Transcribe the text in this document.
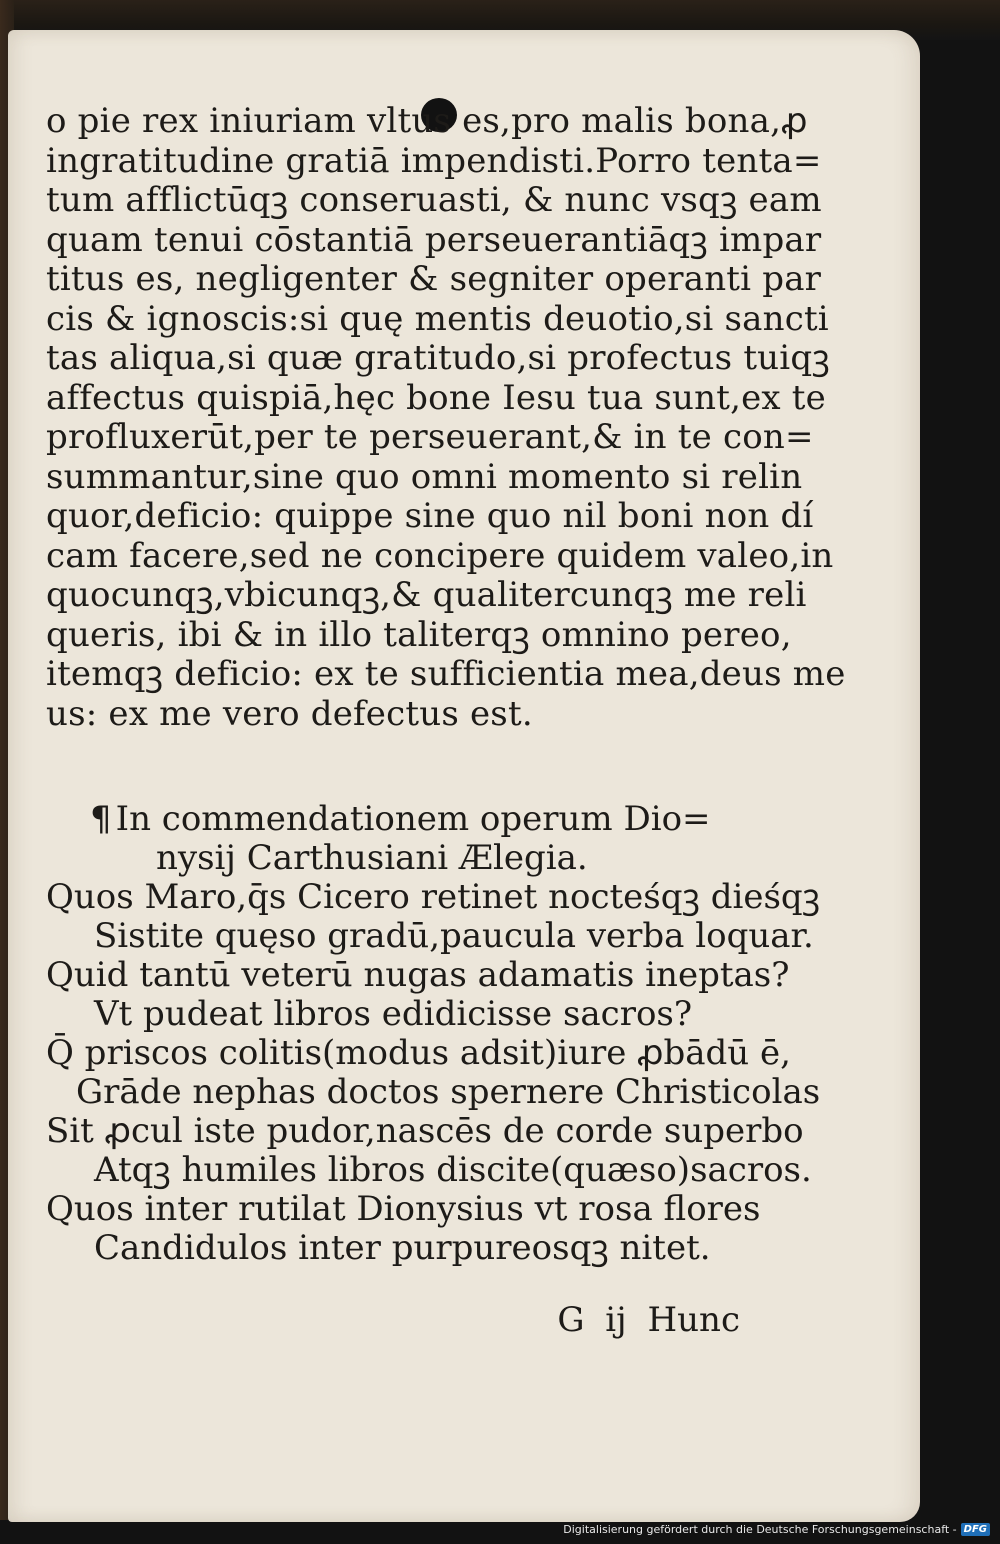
o pie rex iniuriam vltus es,pro malis bona,ꝓ
ingratitudine gratiā impendisti.Porro tenta=
tum afflictūqꝫ conseruasti, & nunc vsqꝫ eam
quam tenui cōstantiā perseuerantiāqꝫ impar
titus es, negligenter & segniter operanti par
cis & ignoscis:si quę mentis deuotio,si sancti
tas aliqua,si quæ gratitudo,si profectus tuiqꝫ
affectus quispiā,hęc bone Iesu tua sunt,ex te
profluxerūt,per te perseuerant,& in te con=
summantur,sine quo omni momento si relin
quor,deficio: quippe sine quo nil boni non dí
cam facere,sed ne concipere quidem valeo,in
quocunqꝫ,vbicunqꝫ,& qualitercunqꝫ me reli
queris, ibi & in illo taliterqꝫ omnino pereo,
itemqꝫ deficio: ex te sufficientia mea,deus me
us: ex me vero defectus est.
¶ In commendationem operum Dio=
nysij Carthusiani Ælegia.
Quos Maro,q̄s Cicero retinet nocteśqꝫ dieśqꝫ
Sistite quęso gradū,paucula verba loquar.
Quid tantū veterū nugas adamatis ineptas?
Vt pudeat libros edidicisse sacros?
Q̄ priscos colitis(modus adsit)iure ꝓbādū ē,
Grāde nephas doctos spernere Christicolas
Sit ꝓcul iste pudor,nascēs de corde superbo
Atqꝫ humiles libros discite(quæso)sacros.
Quos inter rutilat Dionysius vt rosa flores
Candidulos inter purpureosqꝫ nitet.
G ij Hunc
Digitalisierung gefördert durch die Deutsche Forschungsgemeinschaft - DFG
